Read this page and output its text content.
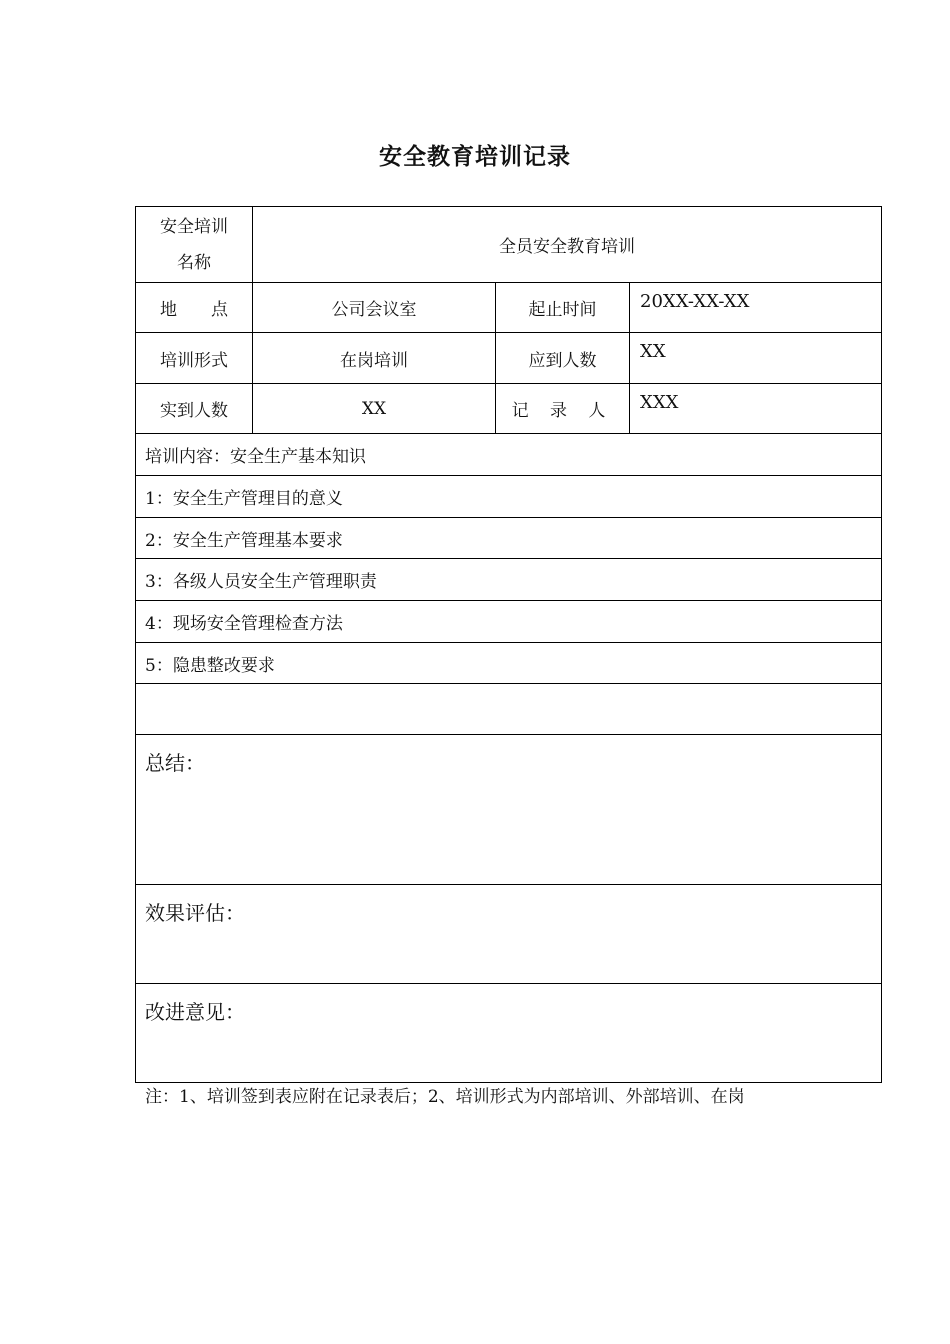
安全教育培训记录
安全培训
名称	全员安全教育培训		
地　　点	公司会议室	起止时间	20XX-XX-XX
培训形式	在岗培训	应到人数	XX
实到人数	XX	记 录 人	XXX
培训内容：安全生产基本知识			
1：安全生产管理目的意义			
2：安全生产管理基本要求			
3：各级人员安全生产管理职责			
4：现场安全管理检查方法			
5：隐患整改要求			

总结：			
效果评估：			
改进意见：			
注：1、培训签到表应附在记录表后；2、培训形式为内部培训、外部培训、在岗
